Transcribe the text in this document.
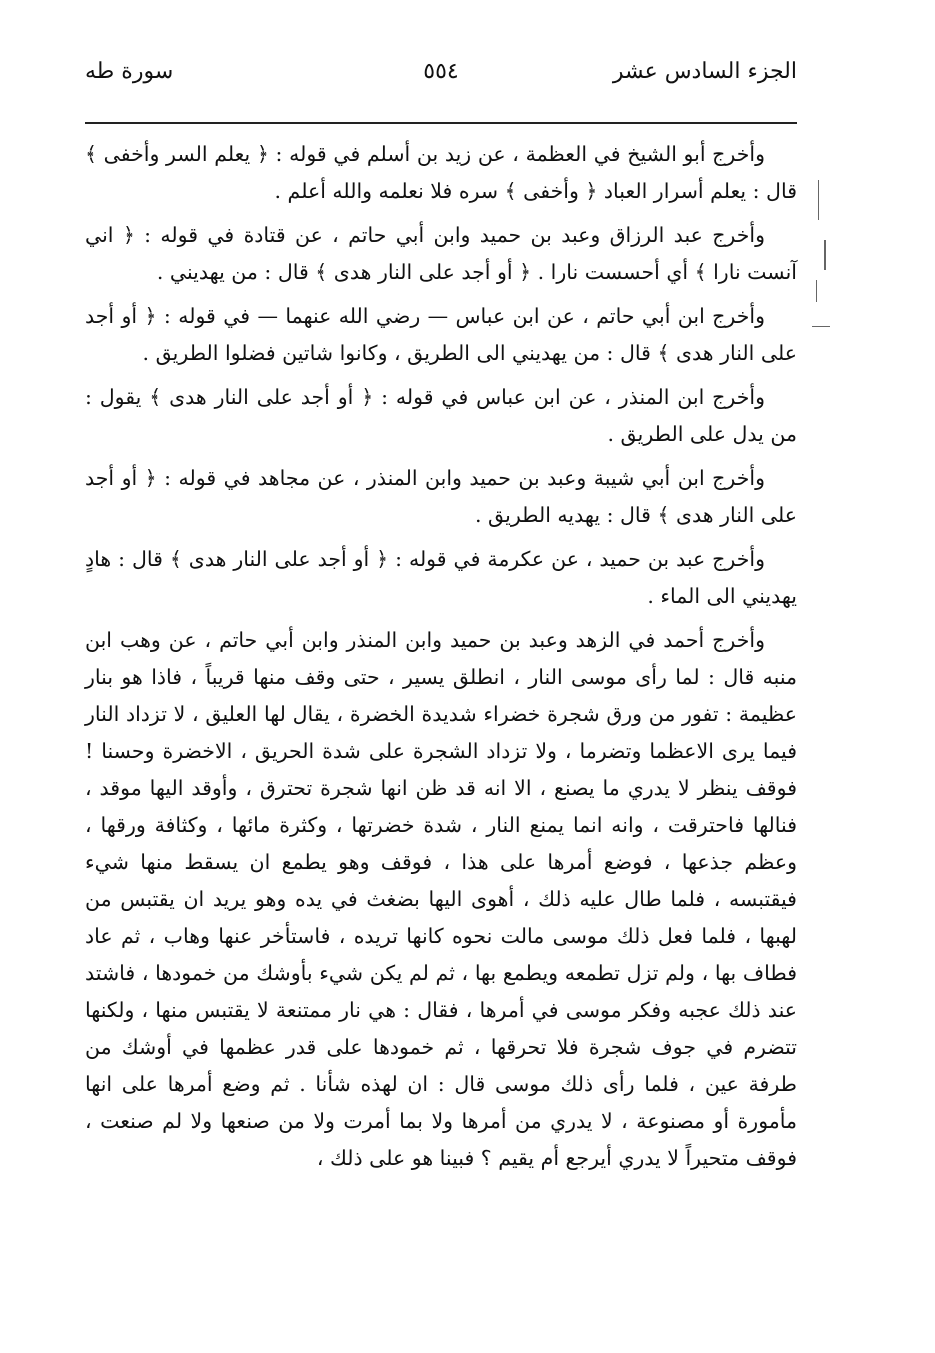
الجزء السادس عشر
٥٥٤
سورة طه

وأخرج أبو الشيخ في العظمة ، عن زيد بن أسلم في قوله : ﴿ يعلم السر وأخفى ﴾ قال : يعلم أسرار العباد ﴿ وأخفى ﴾ سره فلا نعلمه والله أعلم .

وأخرج عبد الرزاق وعبد بن حميد وابن أبي حاتم ، عن قتادة في قوله : ﴿ اني آنست نارا ﴾ أي أحسست نارا . ﴿ أو أجد على النار هدى ﴾ قال : من يهديني .

وأخرج ابن أبي حاتم ، عن ابن عباس — رضي الله عنهما — في قوله : ﴿ أو أجد على النار هدى ﴾ قال : من يهديني الى الطريق ، وكانوا شاتين فضلوا الطريق .

وأخرج ابن المنذر ، عن ابن عباس في قوله : ﴿ أو أجد على النار هدى ﴾ يقول : من يدل على الطريق .

وأخرج ابن أبي شيبة وعبد بن حميد وابن المنذر ، عن مجاهد في قوله : ﴿ أو أجد على النار هدى ﴾ قال : يهديه الطريق .

وأخرج عبد بن حميد ، عن عكرمة في قوله : ﴿ أو أجد على النار هدى ﴾ قال : هادٍ يهديني الى الماء .

وأخرج أحمد في الزهد وعبد بن حميد وابن المنذر وابن أبي حاتم ، عن وهب ابن منبه قال : لما رأى موسى النار ، انطلق يسير ، حتى وقف منها قريباً ، فاذا هو بنار عظيمة : تفور من ورق شجرة خضراء شديدة الخضرة ، يقال لها العليق ، لا تزداد النار فيما يرى الاعظما وتضرما ، ولا تزداد الشجرة على شدة الحريق ، الاخضرة وحسنا ! فوقف ينظر لا يدري ما يصنع ، الا انه قد ظن انها شجرة تحترق ، وأوقد اليها موقد ، فنالها فاحترقت ، وانه انما يمنع النار ، شدة خضرتها ، وكثرة مائها ، وكثافة ورقها ، وعظم جذعها ، فوضع أمرها على هذا ، فوقف وهو يطمع ان يسقط منها شيء فيقتبسه ، فلما طال عليه ذلك ، أهوى اليها بضغث في يده وهو يريد ان يقتبس من لهبها ، فلما فعل ذلك موسى مالت نحوه كانها تريده ، فاستأخر عنها وهاب ، ثم عاد فطاف بها ، ولم تزل تطمعه ويطمع بها ، ثم لم يكن شيء بأوشك من خمودها ، فاشتد عند ذلك عجبه وفكر موسى في أمرها ، فقال : هي نار ممتنعة لا يقتبس منها ، ولكنها تتضرم في جوف شجرة فلا تحرقها ، ثم خمودها على قدر عظمها في أوشك من طرفة عين ، فلما رأى ذلك موسى قال : ان لهذه شأنا . ثم وضع أمرها على انها مأمورة أو مصنوعة ، لا يدري من أمرها ولا بما أمرت ولا من صنعها ولا لم صنعت ، فوقف متحيراً لا يدري أيرجع أم يقيم ؟ فبينا هو على ذلك ،
